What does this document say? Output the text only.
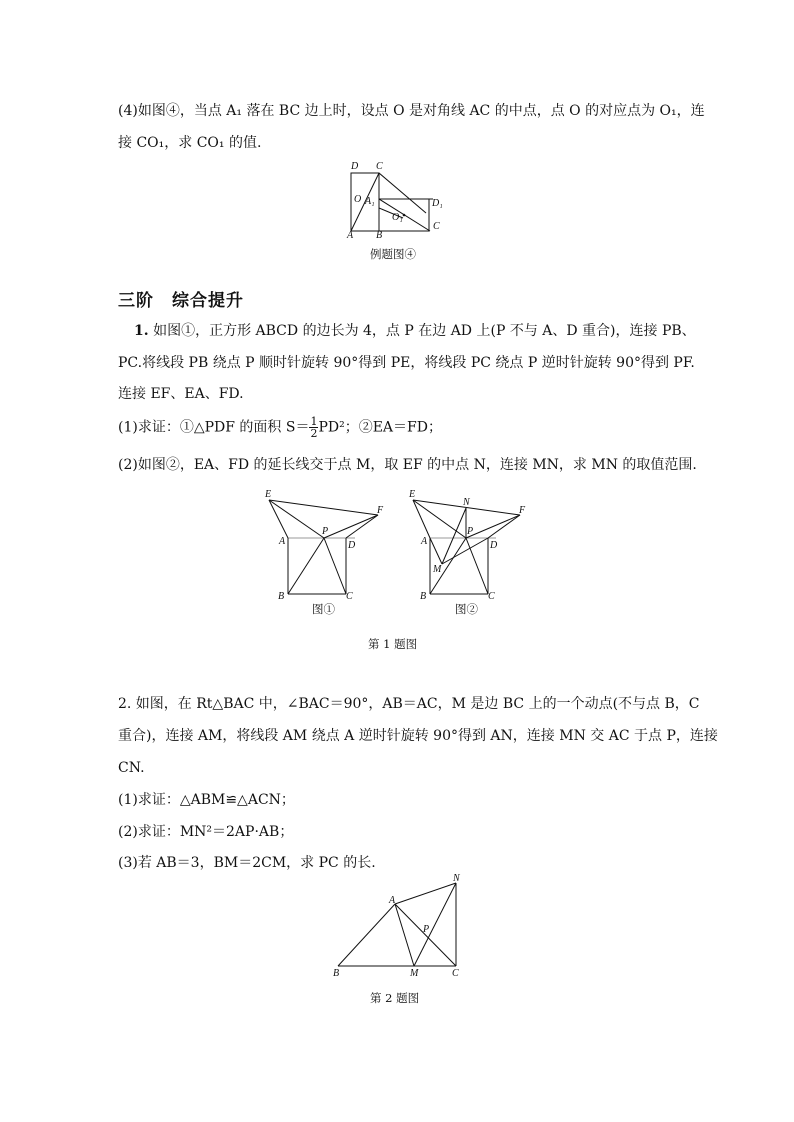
(4)如图④，当点 A₁ 落在 BC 边上时，设点 O 是对角线 AC 的中点，点 O 的对应点为 O₁，连
接 CO₁，求 CO₁ 的值.
D C
O A₁
O₁
D₁
C
A B
例题图④
三阶　综合提升
1. 如图①，正方形 ABCD 的边长为 4，点 P 在边 AD 上(P 不与 A、D 重合)，连接 PB、
PC.将线段 PB 绕点 P 顺时针旋转 90°得到 PE，将线段 PC 绕点 P 逆时针旋转 90°得到 PF.
连接 EF、EA、FD.
(1)求证：①△PDF 的面积 $S= \frac{1}{2} PD^2$；②EA＝FD；
(2)如图②，EA、FD 的延长线交于点 M，取 EF 的中点 N，连接 MN，求 MN 的取值范围.
E
F
P
A	D
B	C
图①
E
N
F
P
A	D
M
B	C
图②
第 1 题图
2. 如图，在 Rt△BAC 中，∠BAC＝90°，AB＝AC，M 是边 BC 上的一个动点(不与点 B，C
重合)，连接 AM，将线段 AM 绕点 A 逆时针旋转 90°得到 AN，连接 MN 交 AC 于点 P，连接
CN.
(1)求证：△ABM≌△ACN；
(2)求证：MN²＝2AP·AB；
(3)若 AB＝3，BM＝2CM，求 PC 的长.
A
N
P
B	M	C
第 2 题图
